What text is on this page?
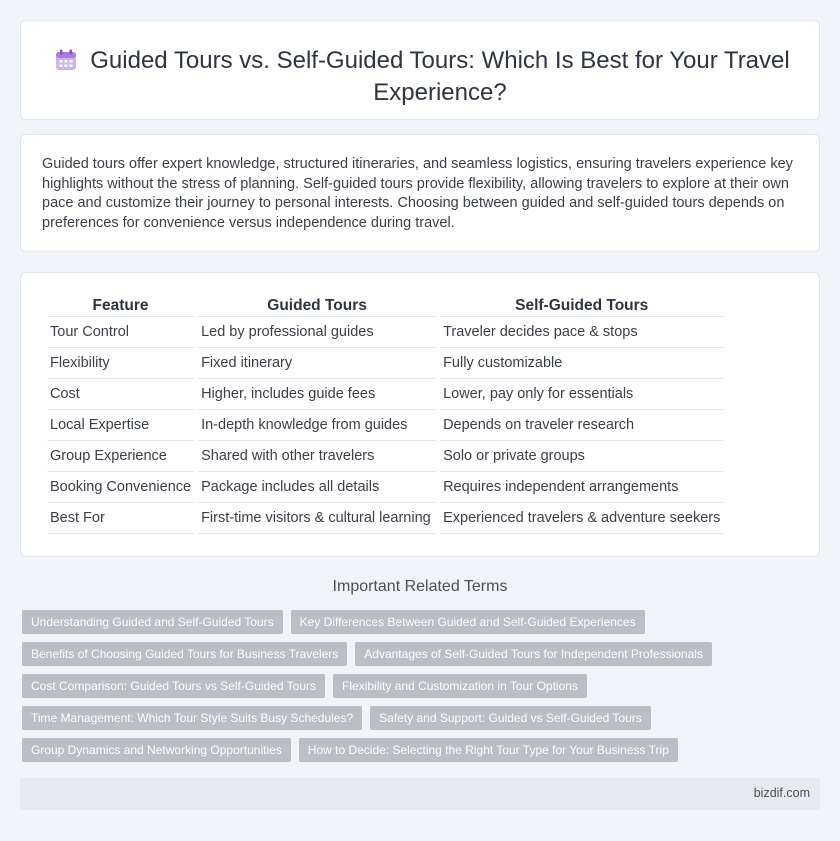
Guided Tours vs. Self-Guided Tours: Which Is Best for Your Travel Experience?

Guided tours offer expert knowledge, structured itineraries, and seamless logistics, ensuring travelers experience key highlights without the stress of planning. Self-guided tours provide flexibility, allowing travelers to explore at their own pace and customize their journey to personal interests. Choosing between guided and self-guided tours depends on preferences for convenience versus independence during travel.

Feature	Guided Tours	Self-Guided Tours
Tour Control	Led by professional guides	Traveler decides pace & stops
Flexibility	Fixed itinerary	Fully customizable
Cost	Higher, includes guide fees	Lower, pay only for essentials
Local Expertise	In-depth knowledge from guides	Depends on traveler research
Group Experience	Shared with other travelers	Solo or private groups
Booking Convenience	Package includes all details	Requires independent arrangements
Best For	First-time visitors & cultural learning	Experienced travelers & adventure seekers
Important Related Terms
Understanding Guided and Self-Guided Tours	Key Differences Between Guided and Self-Guided Experiences
Benefits of Choosing Guided Tours for Business Travelers	Advantages of Self-Guided Tours for Independent Professionals
Cost Comparison: Guided Tours vs Self-Guided Tours	Flexibility and Customization in Tour Options
Time Management: Which Tour Style Suits Busy Schedules?	Safety and Support: Guided vs Self-Guided Tours
Group Dynamics and Networking Opportunities	How to Decide: Selecting the Right Tour Type for Your Business Trip
bizdif.com
